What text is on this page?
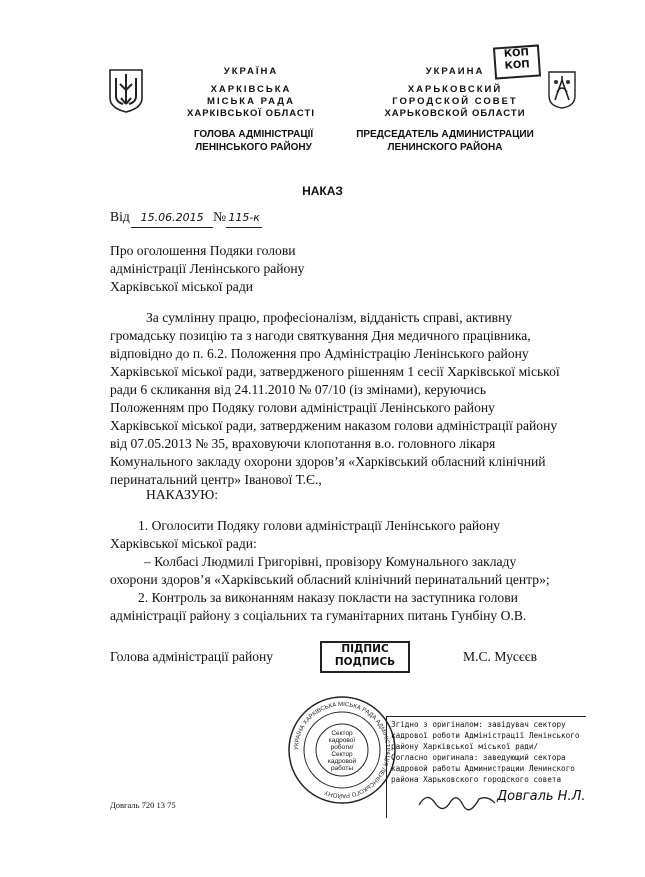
УКРАЇНА
ХАРКІВСЬКА
МІСЬКА РАДА
ХАРКІВСЬКОЇ ОБЛАСТІ
ГОЛОВА АДМІНІСТРАЦІЇ
ЛЕНІНСЬКОГО РАЙОНУ
УКРАИНА
ХАРЬКОВСКИЙ
ГОРОДСКОЙ СОВЕТ
ХАРЬКОВСКОЙ ОБЛАСТИ
ПРЕДСЕДАТЕЛЬ АДМИНИСТРАЦИИ
ЛЕНИНСКОГО РАЙОНА
КОП
КОП
НАКАЗ
Від 15.06.2015 № 115-к
Про оголошення Подяки голови
адміністрації Ленінського району
Харківської міської ради
За сумлінну працю, професіоналізм, відданість справі, активну
громадську позицію та з нагоди святкування Дня медичного працівника,
відповідно до п. 6.2. Положення про Адміністрацію Ленінського району
Харківської міської ради, затвердженого рішенням 1 сесії Харківської міської
ради 6 скликання від 24.11.2010 № 07/10 (із змінами), керуючись
Положенням про Подяку голови адміністрації Ленінського району
Харківської міської ради, затвердженим наказом голови адміністрації району
від 07.05.2013 № 35, враховуючи клопотання в.о. головного лікаря
Комунального закладу охорони здоров’я «Харківський обласний клінічний
перинатальний центр» Іванової Т.Є.,
НАКАЗУЮ:
1. Оголосити Подяку голови адміністрації Ленінського району
Харківської міської ради:
– Колбасі Людмилі Григорівні, провізору Комунального закладу
охорони здоров’я «Харківський обласний клінічний перинатальний центр»;
2. Контроль за виконанням наказу покласти на заступника голови
адміністрації району з соціальних та гуманітарних питань Гунбіну О.В.
Голова адміністрації району	ПІДПИС
ПОДПИСЬ	М.С. Мусєєв
УКРАЇНА ХАРКІВСЬКА МІСЬКА РАДА АДМІНІСТРАЦІЯ ЛЕНІНСЬКОГО РАЙОНУ
Сектор
кадрової
роботи/
Сектор
кадровой
работы
Згідно з оригіналом: завідувач сектору
кадрової роботи Адміністрації Ленінського
району Харківської міської ради/
Согласно оригинала: заведующий сектора
кадровой работы Администрации Ленинского
района Харьковского городского совета
Довгаль Н.Л.
Довгаль 720 13 75
